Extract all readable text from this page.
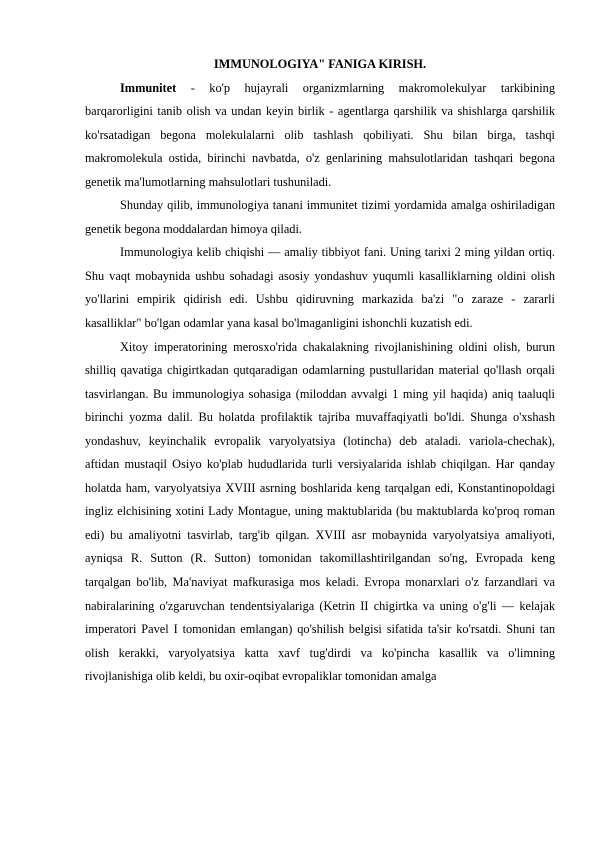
IMMUNOLOGIYA" FANIGA KIRISH.

Immunitet - ko'p hujayrali organizmlarning makromolekulyar tarkibining barqarorligini tanib olish va undan keyin birlik - agentlarga qarshilik va shishlarga qarshilik ko'rsatadigan begona molekulalarni olib tashlash qobiliyati. Shu bilan birga, tashqi makromolekula ostida, birinchi navbatda, o'z genlarining mahsulotlaridan tashqari begona genetik ma'lumotlarning mahsulotlari tushuniladi.

Shunday qilib, immunologiya tanani immunitet tizimi yordamida amalga oshiriladigan genetik begona moddalardan himoya qiladi.

Immunologiya kelib chiqishi — amaliy tibbiyot fani. Uning tarixi 2 ming yildan ortiq. Shu vaqt mobaynida ushbu sohadagi asosiy yondashuv yuqumli kasalliklarning oldini olish yo'llarini empirik qidirish edi. Ushbu qidiruvning markazida ba'zi "o zaraze - zararli kasalliklar" bo'lgan odamlar yana kasal bo'lmaganligini ishonchli kuzatish edi.

Xitoy imperatorining merosxo'rida chakalakning rivojlanishining oldini olish, burun shilliq qavatiga chigirtkadan qutqaradigan odamlarning pustullaridan material qo'llash orqali tasvirlangan. Bu immunologiya sohasiga (miloddan avvalgi 1 ming yil haqida) aniq taaluqli birinchi yozma dalil. Bu holatda profilaktik tajriba muvaffaqiyatli bo'ldi. Shunga o'xshash yondashuv, keyinchalik evropalik varyolyatsiya (lotincha) deb ataladi. variola-chechak), aftidan mustaqil Osiyo ko'plab hududlarida turli versiyalarida ishlab chiqilgan. Har qanday holatda ham, varyolyatsiya XVIII asrning boshlarida keng tarqalgan edi, Konstantinopoldagi ingliz elchisining xotini Lady Montague, uning maktublarida (bu maktublarda ko'proq roman edi) bu amaliyotni tasvirlab, targ'ib qilgan. XVIII asr mobaynida varyolyatsiya amaliyoti, ayniqsa R. Sutton (R. Sutton) tomonidan takomillashtirilgandan so'ng, Evropada keng tarqalgan bo'lib, Ma'naviyat mafkurasiga mos keladi. Evropa monarxlari o'z farzandlari va nabiralarining o'zgaruvchan tendentsiyalariga (Ketrin II chigirtka va uning o'g'li — kelajak imperatori Pavel I tomonidan emlangan) qo'shilish belgisi sifatida ta'sir ko'rsatdi. Shuni tan olish kerakki, varyolyatsiya katta xavf tug'dirdi va ko'pincha kasallik va o'limning rivojlanishiga olib keldi, bu oxir-oqibat evropaliklar tomonidan amalga
